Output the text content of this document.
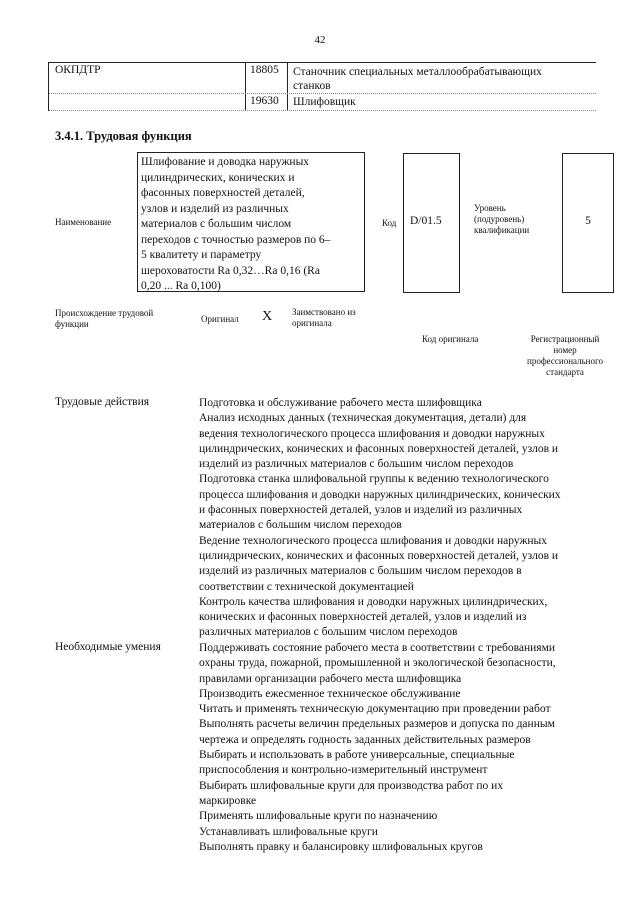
42
ОКПДТР	18805 Станочник специальных металлообрабатывающих
станков
19630 Шлифовщик
3.4.1. Трудовая функция
Наименование
Шлифование и доводка наружных
цилиндрических, конических и
фасонных поверхностей деталей,
узлов и изделий из различных
материалов с большим числом
переходов с точностью размеров по 6–
5 квалитету и параметру
шероховатости Ra 0,32…Ra 0,16 (Ra
0,20 ... Ra 0,100)
Код D/01.5
Уровень
(подуровень)
квалификации
5
Происхождение трудовой
функции	Оригинал X Заимствовано из
оригинала
Код оригинала	Регистрационный
номер
профессионального
стандарта
Трудовые действия	Подготовка и обслуживание рабочего места шлифовщика
Анализ исходных данных (техническая документация, детали) для
ведения технологического процесса шлифования и доводки наружных
цилиндрических, конических и фасонных поверхностей деталей, узлов и
изделий из различных материалов с большим числом переходов
Подготовка станка шлифовальной группы к ведению технологического
процесса шлифования и доводки наружных цилиндрических, конических
и фасонных поверхностей деталей, узлов и изделий из различных
материалов с большим числом переходов
Ведение технологического процесса шлифования и доводки наружных
цилиндрических, конических и фасонных поверхностей деталей, узлов и
изделий из различных материалов с большим числом переходов в
соответствии с технической документацией
Контроль качества шлифования и доводки наружных цилиндрических,
конических и фасонных поверхностей деталей, узлов и изделий из
различных материалов с большим числом переходов
Необходимые умения	Поддерживать состояние рабочего места в соответствии с требованиями
охраны труда, пожарной, промышленной и экологической безопасности,
правилами организации рабочего места шлифовщика
Производить ежесменное техническое обслуживание
Читать и применять техническую документацию при проведении работ
Выполнять расчеты величин предельных размеров и допуска по данным
чертежа и определять годность заданных действительных размеров
Выбирать и использовать в работе универсальные, специальные
приспособления и контрольно-измерительный инструмент
Выбирать шлифовальные круги для производства работ по их
маркировке
Применять шлифовальные круги по назначению
Устанавливать шлифовальные круги
Выполнять правку и балансировку шлифовальных кругов
